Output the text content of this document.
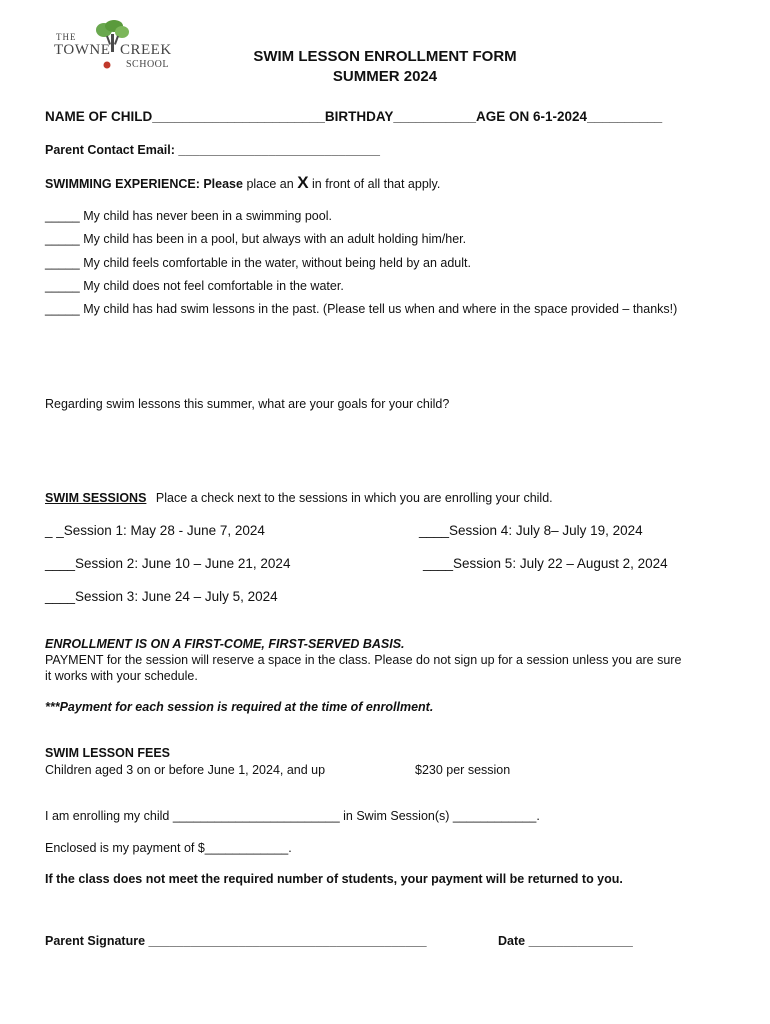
THE
TOWNE CREEK
SCHOOL	SWIM LESSON ENROLLMENT FORM
SUMMER 2024
NAME OF CHILD_______________________BIRTHDAY___________AGE ON 6-1-2024__________
Parent Contact Email: _____________________________
SWIMMING EXPERIENCE: Please place an X in front of all that apply.
_____ My child has never been in a swimming pool.
_____ My child has been in a pool, but always with an adult holding him/her.
_____ My child feels comfortable in the water, without being held by an adult.
_____ My child does not feel comfortable in the water.
_____ My child has had swim lessons in the past. (Please tell us when and where in the space provided – thanks!)
Regarding swim lessons this summer, what are your goals for your child?
SWIM SESSIONS Place a check next to the sessions in which you are enrolling your child.
_ _Session 1: May 28 - June 7, 2024
____Session 2: June 10 – June 21, 2024
____Session 3: June 24 – July 5, 2024
____Session 4: July 8– July 19, 2024
____Session 5: July 22 – August 2, 2024
ENROLLMENT IS ON A FIRST-COME, FIRST-SERVED BASIS.
PAYMENT for the session will reserve a space in the class. Please do not sign up for a session unless you are sure
it works with your schedule.
***Payment for each session is required at the time of enrollment.
SWIM LESSON FEES
Children aged 3 on or before June 1, 2024, and up	$230 per session
I am enrolling my child ________________________ in Swim Session(s) ____________.
Enclosed is my payment of $____________.
If the class does not meet the required number of students, your payment will be returned to you.
Parent Signature ________________________________________	Date _______________
